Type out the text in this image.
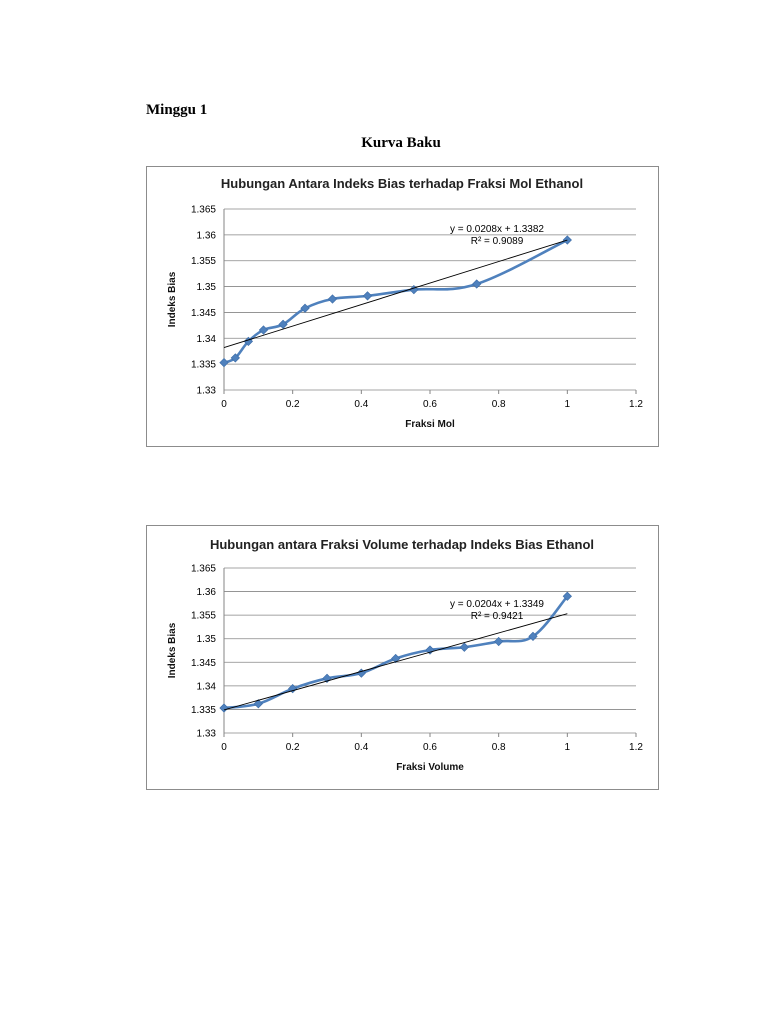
Minggu 1
Kurva Baku
Hubungan Antara Indeks Bias terhadap Fraksi Mol Ethanol
1.33
1.335
1.34
1.345
1.35
1.355
1.36
1.365
0	0.2	0.4	0.6	0.8	1	1.2
Fraksi Mol
Indeks Bias
y = 0.0208x + 1.3382
R² = 0.9089
Hubungan antara Fraksi Volume terhadap Indeks Bias Ethanol
1.33
1.335
1.34
1.345
1.35
1.355
1.36
1.365
0	0.2	0.4	0.6	0.8	1	1.2
Fraksi Volume
Indeks Bias
y = 0.0204x + 1.3349
R² = 0.9421
